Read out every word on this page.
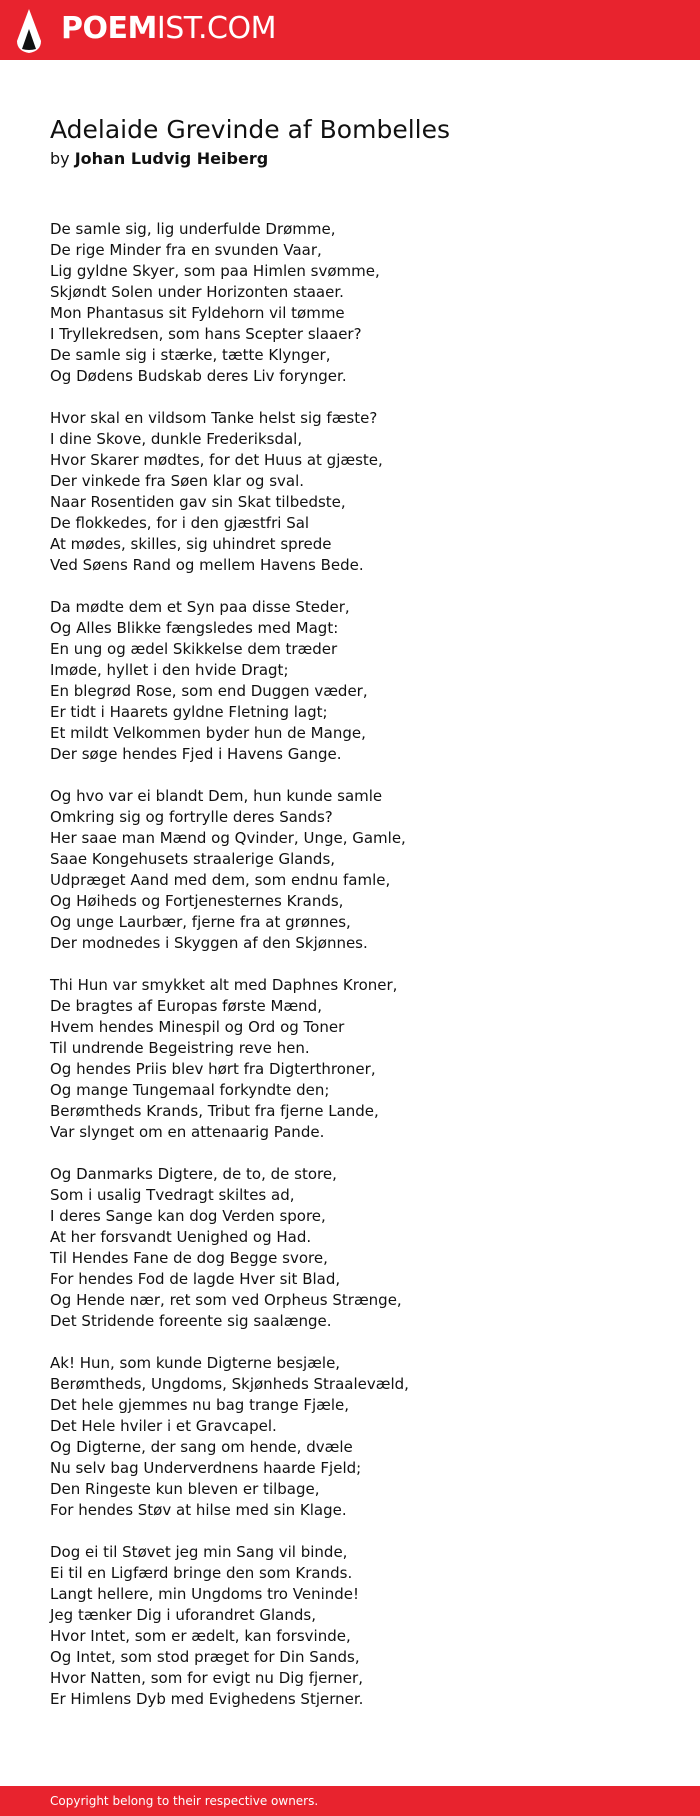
POEMIST.COM
Adelaide Grevinde af Bombelles
by Johan Ludvig Heiberg

De samle sig, lig underfulde Drømme,
De rige Minder fra en svunden Vaar,
Lig gyldne Skyer, som paa Himlen svømme,
Skjøndt Solen under Horizonten staaer.
Mon Phantasus sit Fyldehorn vil tømme
I Tryllekredsen, som hans Scepter slaaer?
De samle sig i stærke, tætte Klynger,
Og Dødens Budskab deres Liv forynger.

Hvor skal en vildsom Tanke helst sig fæste?
I dine Skove, dunkle Frederiksdal,
Hvor Skarer mødtes, for det Huus at gjæste,
Der vinkede fra Søen klar og sval.
Naar Rosentiden gav sin Skat tilbedste,
De flokkedes, for i den gjæstfri Sal
At mødes, skilles, sig uhindret sprede
Ved Søens Rand og mellem Havens Bede.

Da mødte dem et Syn paa disse Steder,
Og Alles Blikke fængsledes med Magt:
En ung og ædel Skikkelse dem træder
Imøde, hyllet i den hvide Dragt;
En blegrød Rose, som end Duggen væder,
Er tidt i Haarets gyldne Fletning lagt;
Et mildt Velkommen byder hun de Mange,
Der søge hendes Fjed i Havens Gange.

Og hvo var ei blandt Dem, hun kunde samle
Omkring sig og fortrylle deres Sands?
Her saae man Mænd og Qvinder, Unge, Gamle,
Saae Kongehusets straalerige Glands,
Udpræget Aand med dem, som endnu famle,
Og Høiheds og Fortjenesternes Krands,
Og unge Laurbær, fjerne fra at grønnes,
Der modnedes i Skyggen af den Skjønnes.

Thi Hun var smykket alt med Daphnes Kroner,
De bragtes af Europas første Mænd,
Hvem hendes Minespil og Ord og Toner
Til undrende Begeistring reve hen.
Og hendes Priis blev hørt fra Digterthroner,
Og mange Tungemaal forkyndte den;
Berømtheds Krands, Tribut fra fjerne Lande,
Var slynget om en attenaarig Pande.

Og Danmarks Digtere, de to, de store,
Som i usalig Tvedragt skiltes ad,
I deres Sange kan dog Verden spore,
At her forsvandt Uenighed og Had.
Til Hendes Fane de dog Begge svore,
For hendes Fod de lagde Hver sit Blad,
Og Hende nær, ret som ved Orpheus Strænge,
Det Stridende foreente sig saalænge.

Ak! Hun, som kunde Digterne besjæle,
Berømtheds, Ungdoms, Skjønheds Straalevæld,
Det hele gjemmes nu bag trange Fjæle,
Det Hele hviler i et Gravcapel.
Og Digterne, der sang om hende, dvæle
Nu selv bag Underverdnens haarde Fjeld;
Den Ringeste kun bleven er tilbage,
For hendes Støv at hilse med sin Klage.

Dog ei til Støvet jeg min Sang vil binde,
Ei til en Ligfærd bringe den som Krands.
Langt hellere, min Ungdoms tro Veninde!
Jeg tænker Dig i uforandret Glands,
Hvor Intet, som er ædelt, kan forsvinde,
Og Intet, som stod præget for Din Sands,
Hvor Natten, som for evigt nu Dig fjerner,
Er Himlens Dyb med Evighedens Stjerner.

Copyright belong to their respective owners.
